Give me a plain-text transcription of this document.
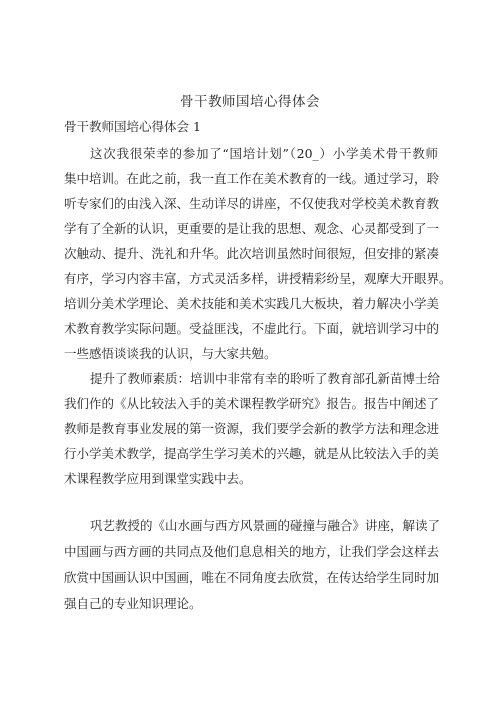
骨干教师国培心得体会
骨干教师国培心得体会 1

这次我很荣幸的参加了“国培计划”（20_）小学美术骨干教师

集中培训。在此之前，我一直工作在美术教育的一线。通过学习，聆

听专家们的由浅入深、生动详尽的讲座，不仅使我对学校美术教育教

学有了全新的认识，更重要的是让我的思想、观念、心灵都受到了一

次触动、提升、洗礼和升华。此次培训虽然时间很短，但安排的紧凑

有序，学习内容丰富，方式灵活多样，讲授精彩纷呈，观摩大开眼界。

培训分美术学理论、美术技能和美术实践几大板块，着力解决小学美

术教育教学实际问题。受益匪浅，不虚此行。下面，就培训学习中的

一些感悟谈谈我的认识，与大家共勉。

提升了教师素质：培训中非常有幸的聆听了教育部孔新苗博士给

我们作的《从比较法入手的美术课程教学研究》报告。报告中阐述了

教师是教育事业发展的第一资源，我们要学会新的教学方法和理念进

行小学美术教学，提高学生学习美术的兴趣，就是从比较法入手的美

术课程教学应用到课堂实践中去。

巩艺教授的《山水画与西方风景画的碰撞与融合》讲座，解读了

中国画与西方画的共同点及他们息息相关的地方，让我们学会这样去

欣赏中国画认识中国画，唯在不同角度去欣赏，在传达给学生同时加

强自己的专业知识理论。
